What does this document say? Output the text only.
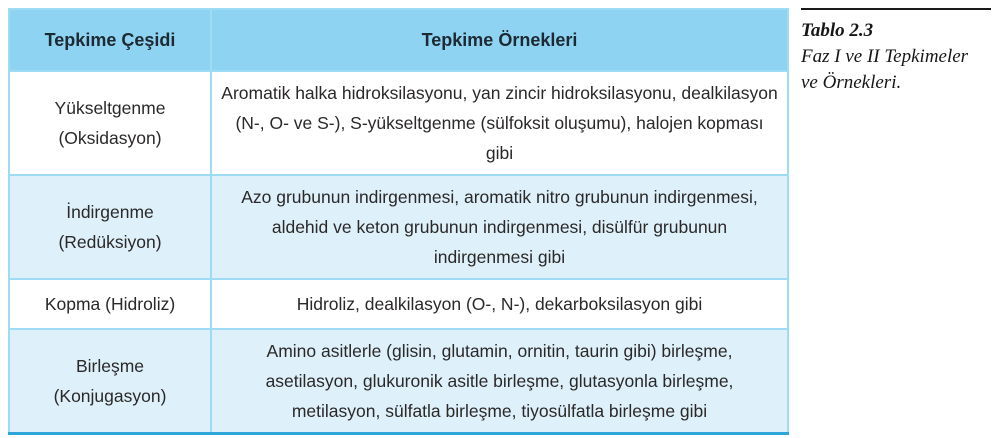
Tepkime Çeşidi	Tepkime Örnekleri

Yükseltgenme
(Oksidasyon)	Aromatik halka hidroksilasyonu, yan zincir hidroksilasyonu, dealkilasyon (N-, O- ve S-), S-yükseltgenme (sülfoksit oluşumu), halojen kopması gibi

İndirgenme
(Redüksiyon)	Azo grubunun indirgenmesi, aromatik nitro grubunun indirgenmesi, aldehid ve keton grubunun indirgenmesi, disülfür grubunun indirgenmesi gibi

Kopma (Hidroliz)	Hidroliz, dealkilasyon (O-, N-), dekarboksilasyon gibi

Birleşme
(Konjugasyon)	Amino asitlerle (glisin, glutamin, ornitin, taurin gibi) birleşme, asetilasyon, glukuronik asitle birleşme, glutasyonla birleşme, metilasyon, sülfatla birleşme, tiyosülfatla birleşme gibi
Tablo 2.3
Faz I ve II Tepkimeler
ve Örnekleri.
